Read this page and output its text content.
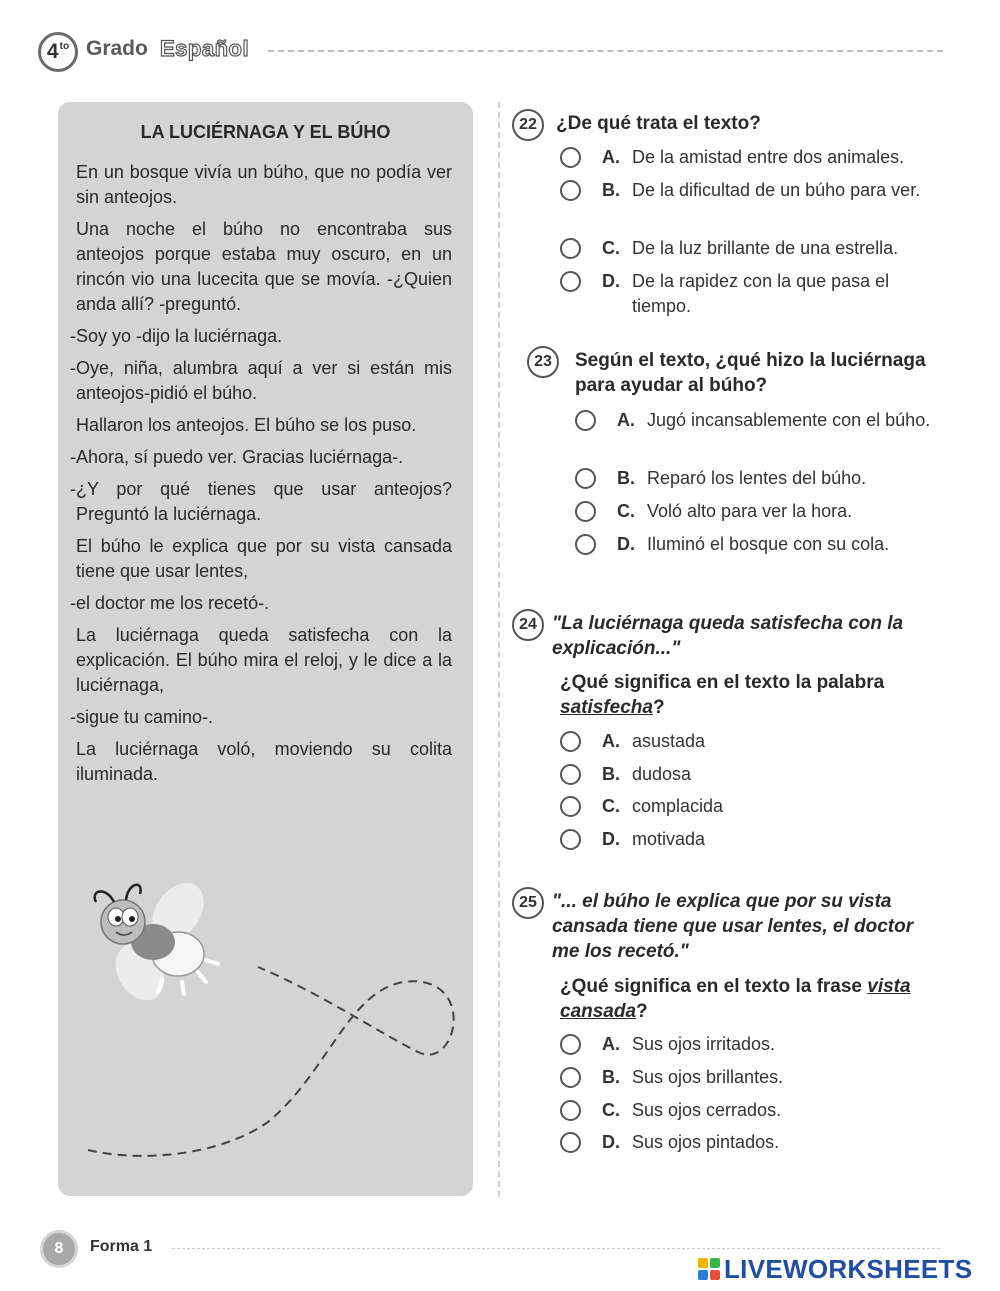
$4^{to}$ Grado Español
LA LUCIÉRNAGA Y EL BÚHO

En un bosque vivía un búho, que no podía ver sin anteojos.

Una noche el búho no encontraba sus anteojos porque estaba muy oscuro, en un rincón vio una lucecita que se movía. -¿Quien anda allí? -preguntó.

-Soy yo -dijo la luciérnaga.

-Oye, niña, alumbra aquí a ver si están mis anteojos-pidió el búho.

Hallaron los anteojos. El búho se los puso.

-Ahora, sí puedo ver. Gracias luciérnaga-.

-¿Y por qué tienes que usar anteojos? Preguntó la luciérnaga.

El búho le explica que por su vista cansada tiene que usar lentes,

-el doctor me los recetó-.

La luciérnaga queda satisfecha con la explicación. El búho mira el reloj, y le dice a la luciérnaga,

-sigue tu camino-.

La luciérnaga voló, moviendo su colita iluminada.

22	¿De qué trata el texto?
A. De la amistad entre dos animales.
B. De la dificultad de un búho para ver.
C. De la luz brillante de una estrella.
D. De la rapidez con la que pasa el tiempo.
23	Según el texto, ¿qué hizo la luciérnaga para ayudar al búho?
A. Jugó incansablemente con el búho.
B. Reparó los lentes del búho.
C. Voló alto para ver la hora.
D. Iluminó el bosque con su cola.
24 "La luciérnaga queda satisfecha con la explicación..."
¿Qué significa en el texto la palabra satisfecha?
A. asustada
B. dudosa
C. complacida
D. motivada
25 "... el búho le explica que por su vista cansada tiene que usar lentes, el doctor me los recetó."
¿Qué significa en el texto la frase vista cansada?
A. Sus ojos irritados.
B. Sus ojos brillantes.
C. Sus ojos cerrados.
D. Sus ojos pintados.
8	Forma 1
LIVEWORKSHEETS
